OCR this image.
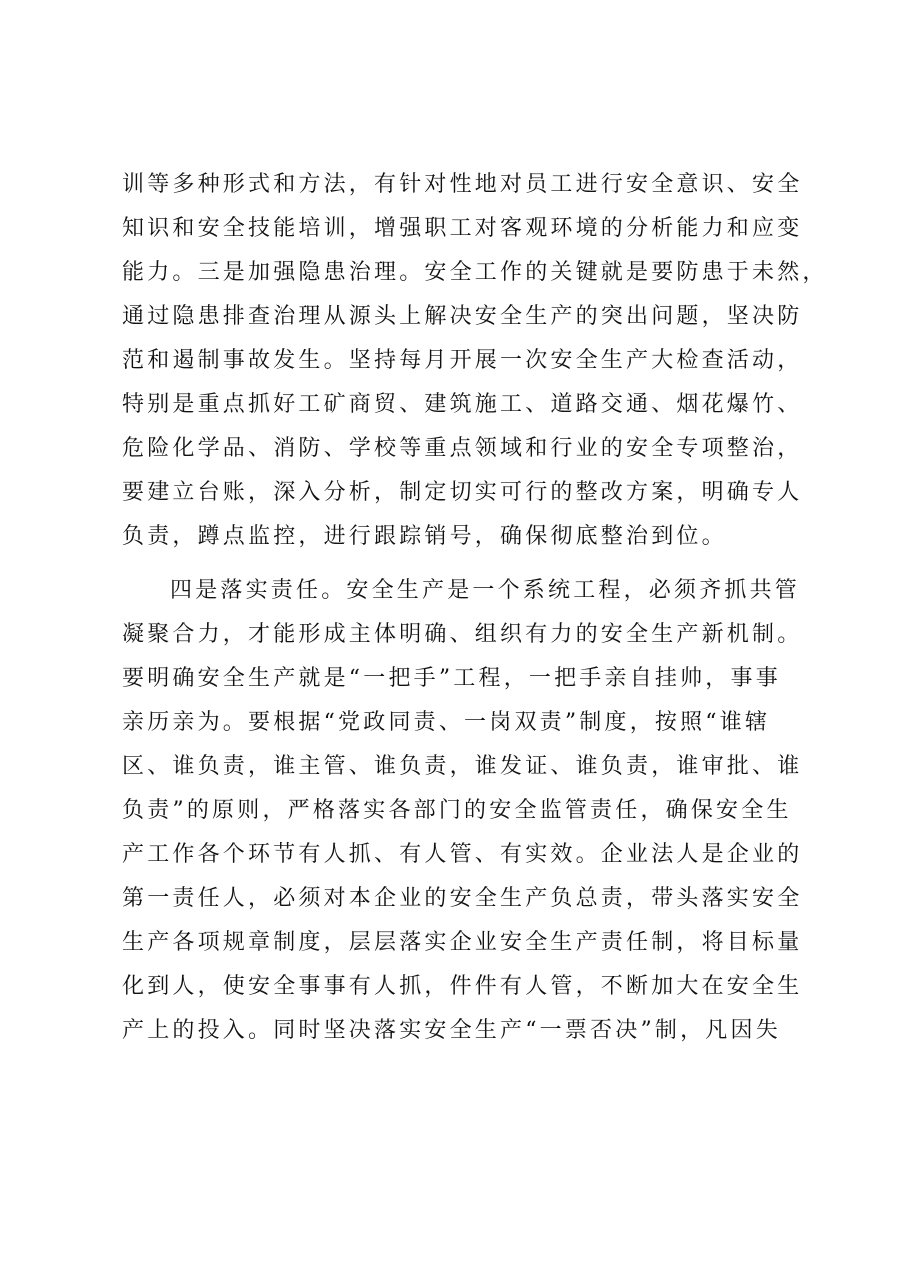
训等多种形式和方法，有针对性地对员工进行安全意识、安全
知识和安全技能培训，增强职工对客观环境的分析能力和应变
能力。三是加强隐患治理。安全工作的关键就是要防患于未然，
通过隐患排查治理从源头上解决安全生产的突出问题，坚决防
范和遏制事故发生。坚持每月开展一次安全生产大检查活动，
特别是重点抓好工矿商贸、建筑施工、道路交通、烟花爆竹、
危险化学品、消防、学校等重点领域和行业的安全专项整治，
要建立台账，深入分析，制定切实可行的整改方案，明确专人
负责，蹲点监控，进行跟踪销号，确保彻底整治到位。
四是落实责任。安全生产是一个系统工程，必须齐抓共管
凝聚合力，才能形成主体明确、组织有力的安全生产新机制。
要明确安全生产就是“一把手”工程，一把手亲自挂帅，事事
亲历亲为。要根据“党政同责、一岗双责”制度，按照“谁辖
区、谁负责，谁主管、谁负责，谁发证、谁负责，谁审批、谁
负责”的原则，严格落实各部门的安全监管责任，确保安全生
产工作各个环节有人抓、有人管、有实效。企业法人是企业的
第一责任人，必须对本企业的安全生产负总责，带头落实安全
生产各项规章制度，层层落实企业安全生产责任制，将目标量
化到人，使安全事事有人抓，件件有人管，不断加大在安全生
产上的投入。同时坚决落实安全生产“一票否决”制，凡因失
